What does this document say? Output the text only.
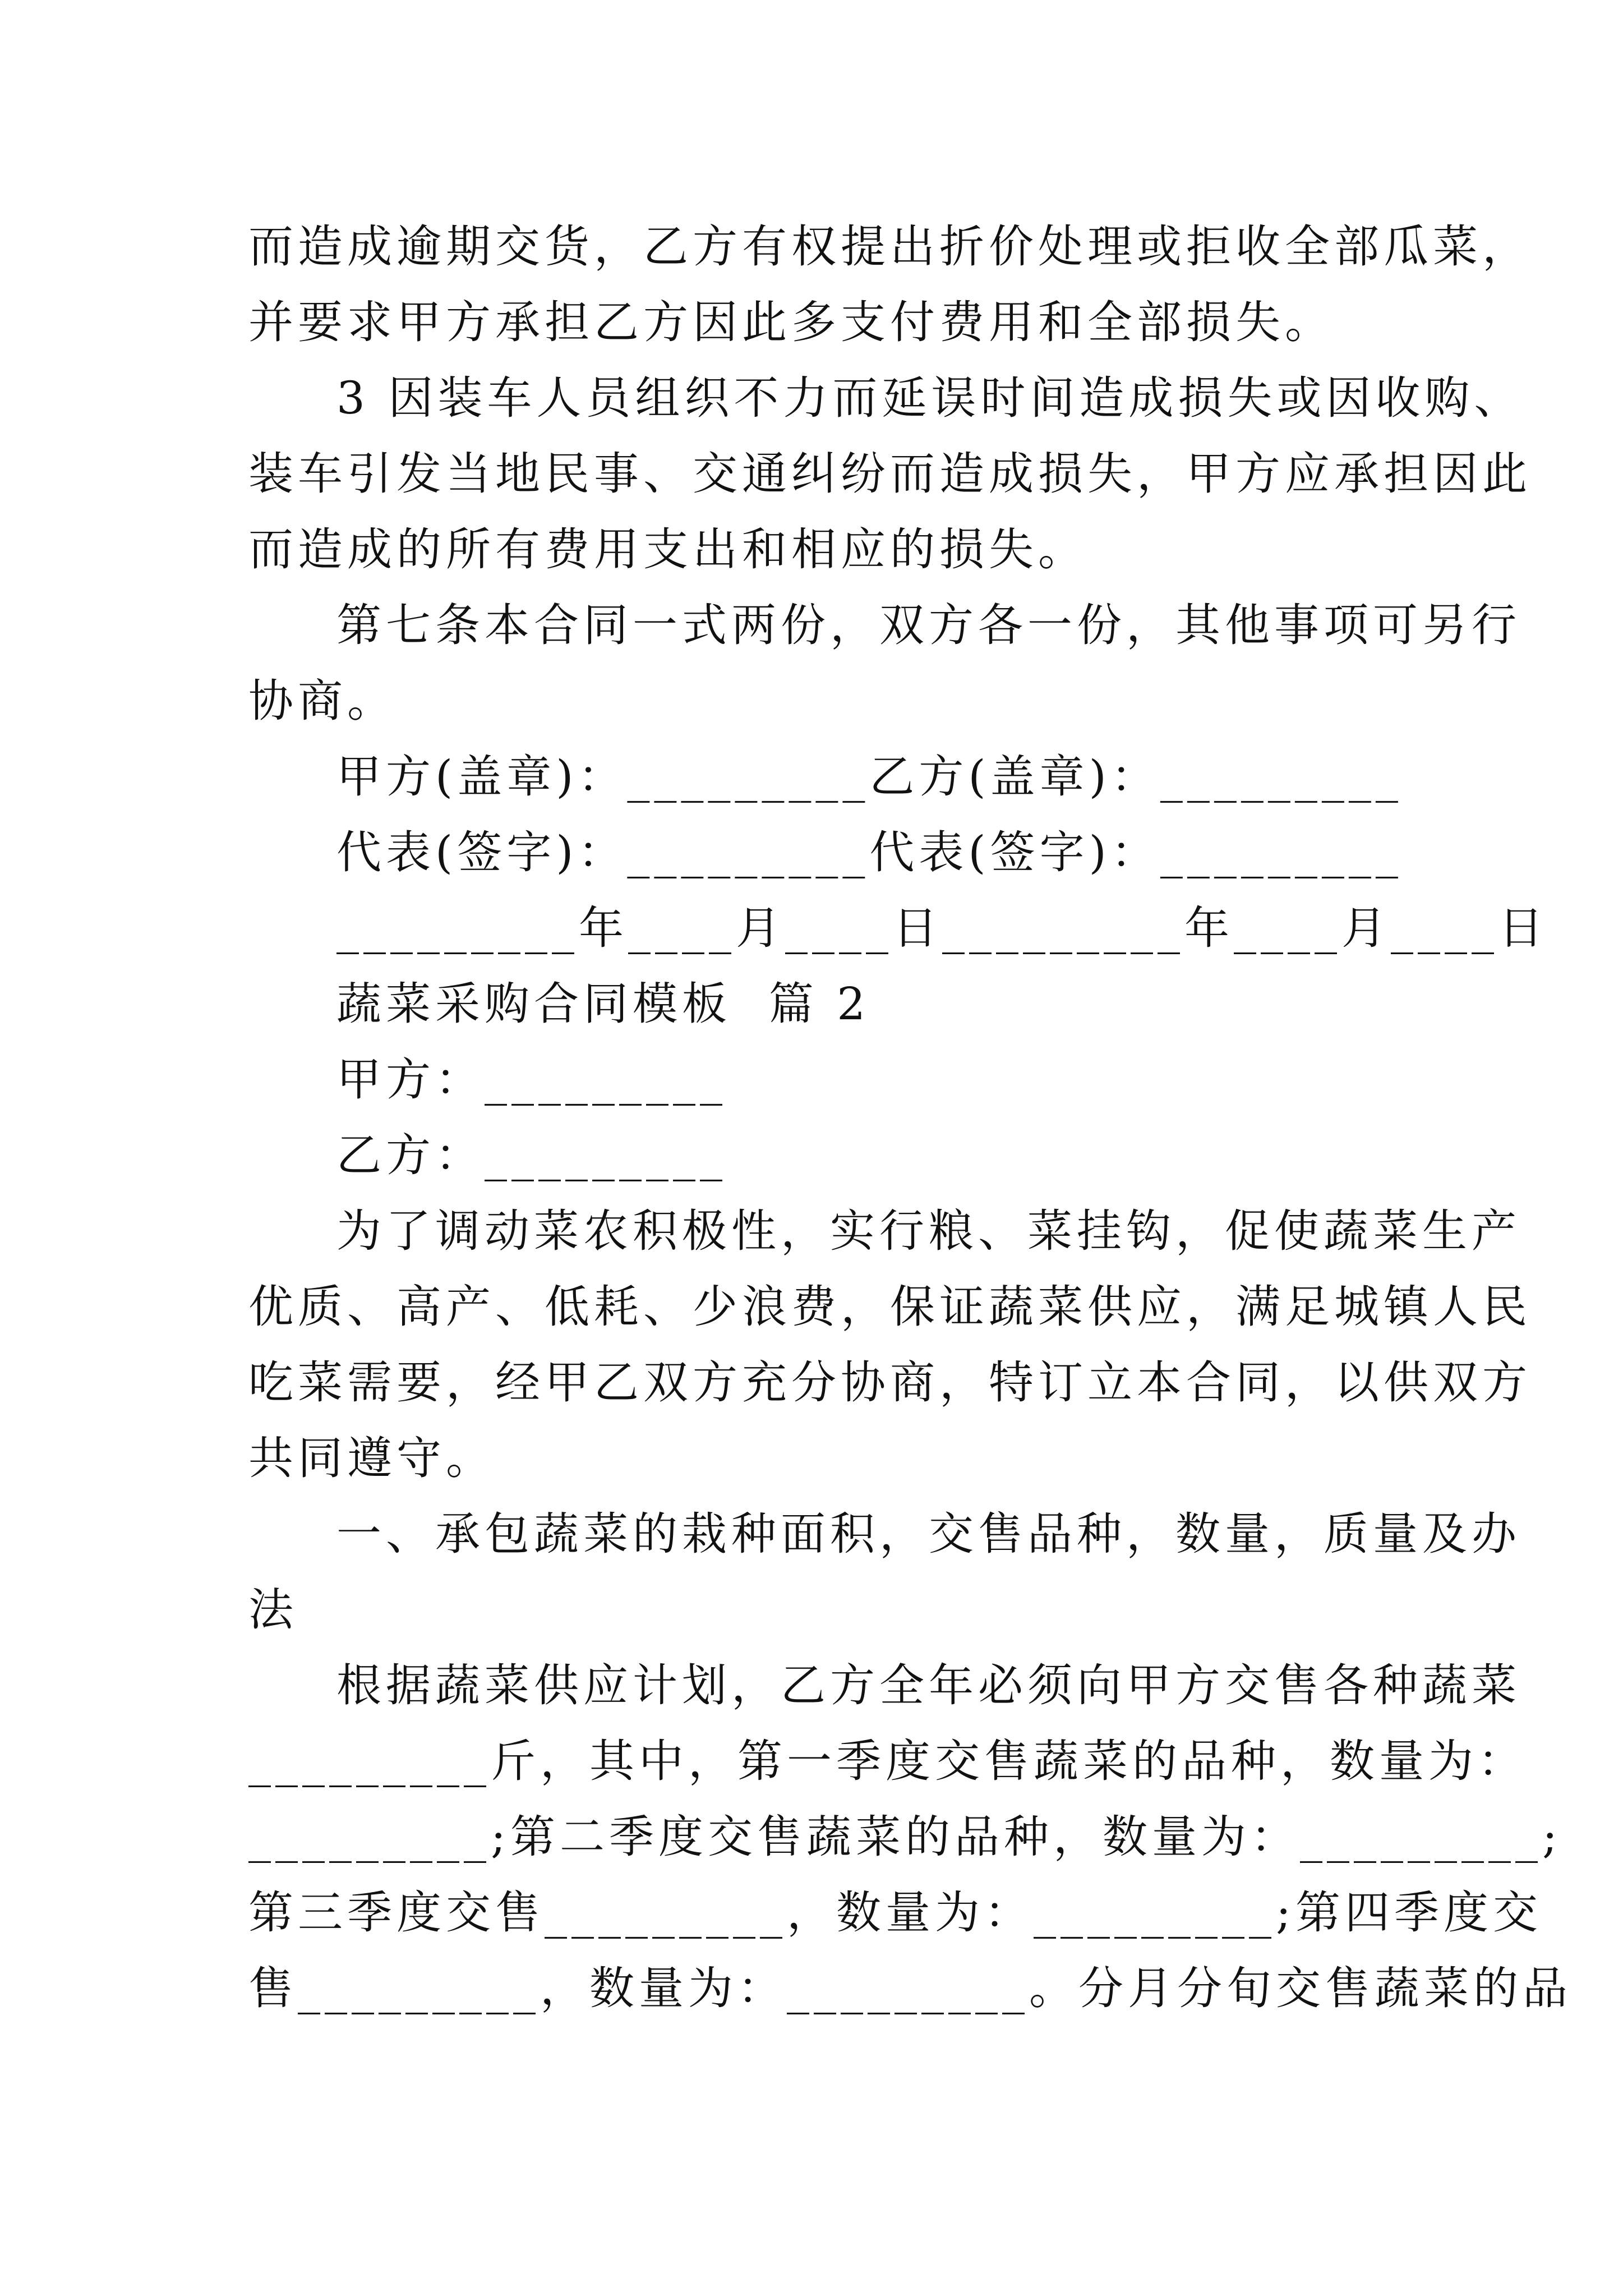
而造成逾期交货，乙方有权提出折价处理或拒收全部瓜菜，
并要求甲方承担乙方因此多支付费用和全部损失。
3 因装车人员组织不力而延误时间造成损失或因收购、
装车引发当地民事、交通纠纷而造成损失，甲方应承担因此
而造成的所有费用支出和相应的损失。
第七条本合同一式两份，双方各一份，其他事项可另行
协商。
甲方(盖章)：_________乙方(盖章)：_________
代表(签字)：_________代表(签字)：_________
_________年____月____日_________年____月____日
蔬菜采购合同模板  篇 2
甲方：_________
乙方：_________
为了调动菜农积极性，实行粮、菜挂钩，促使蔬菜生产
优质、高产、低耗、少浪费，保证蔬菜供应，满足城镇人民
吃菜需要，经甲乙双方充分协商，特订立本合同，以供双方
共同遵守。
一、承包蔬菜的栽种面积，交售品种，数量，质量及办
法
根据蔬菜供应计划，乙方全年必须向甲方交售各种蔬菜
_________斤，其中，第一季度交售蔬菜的品种，数量为：
_________;第二季度交售蔬菜的品种，数量为：_________;
第三季度交售_________，数量为：_________;第四季度交
售_________，数量为：_________。分月分旬交售蔬菜的品
